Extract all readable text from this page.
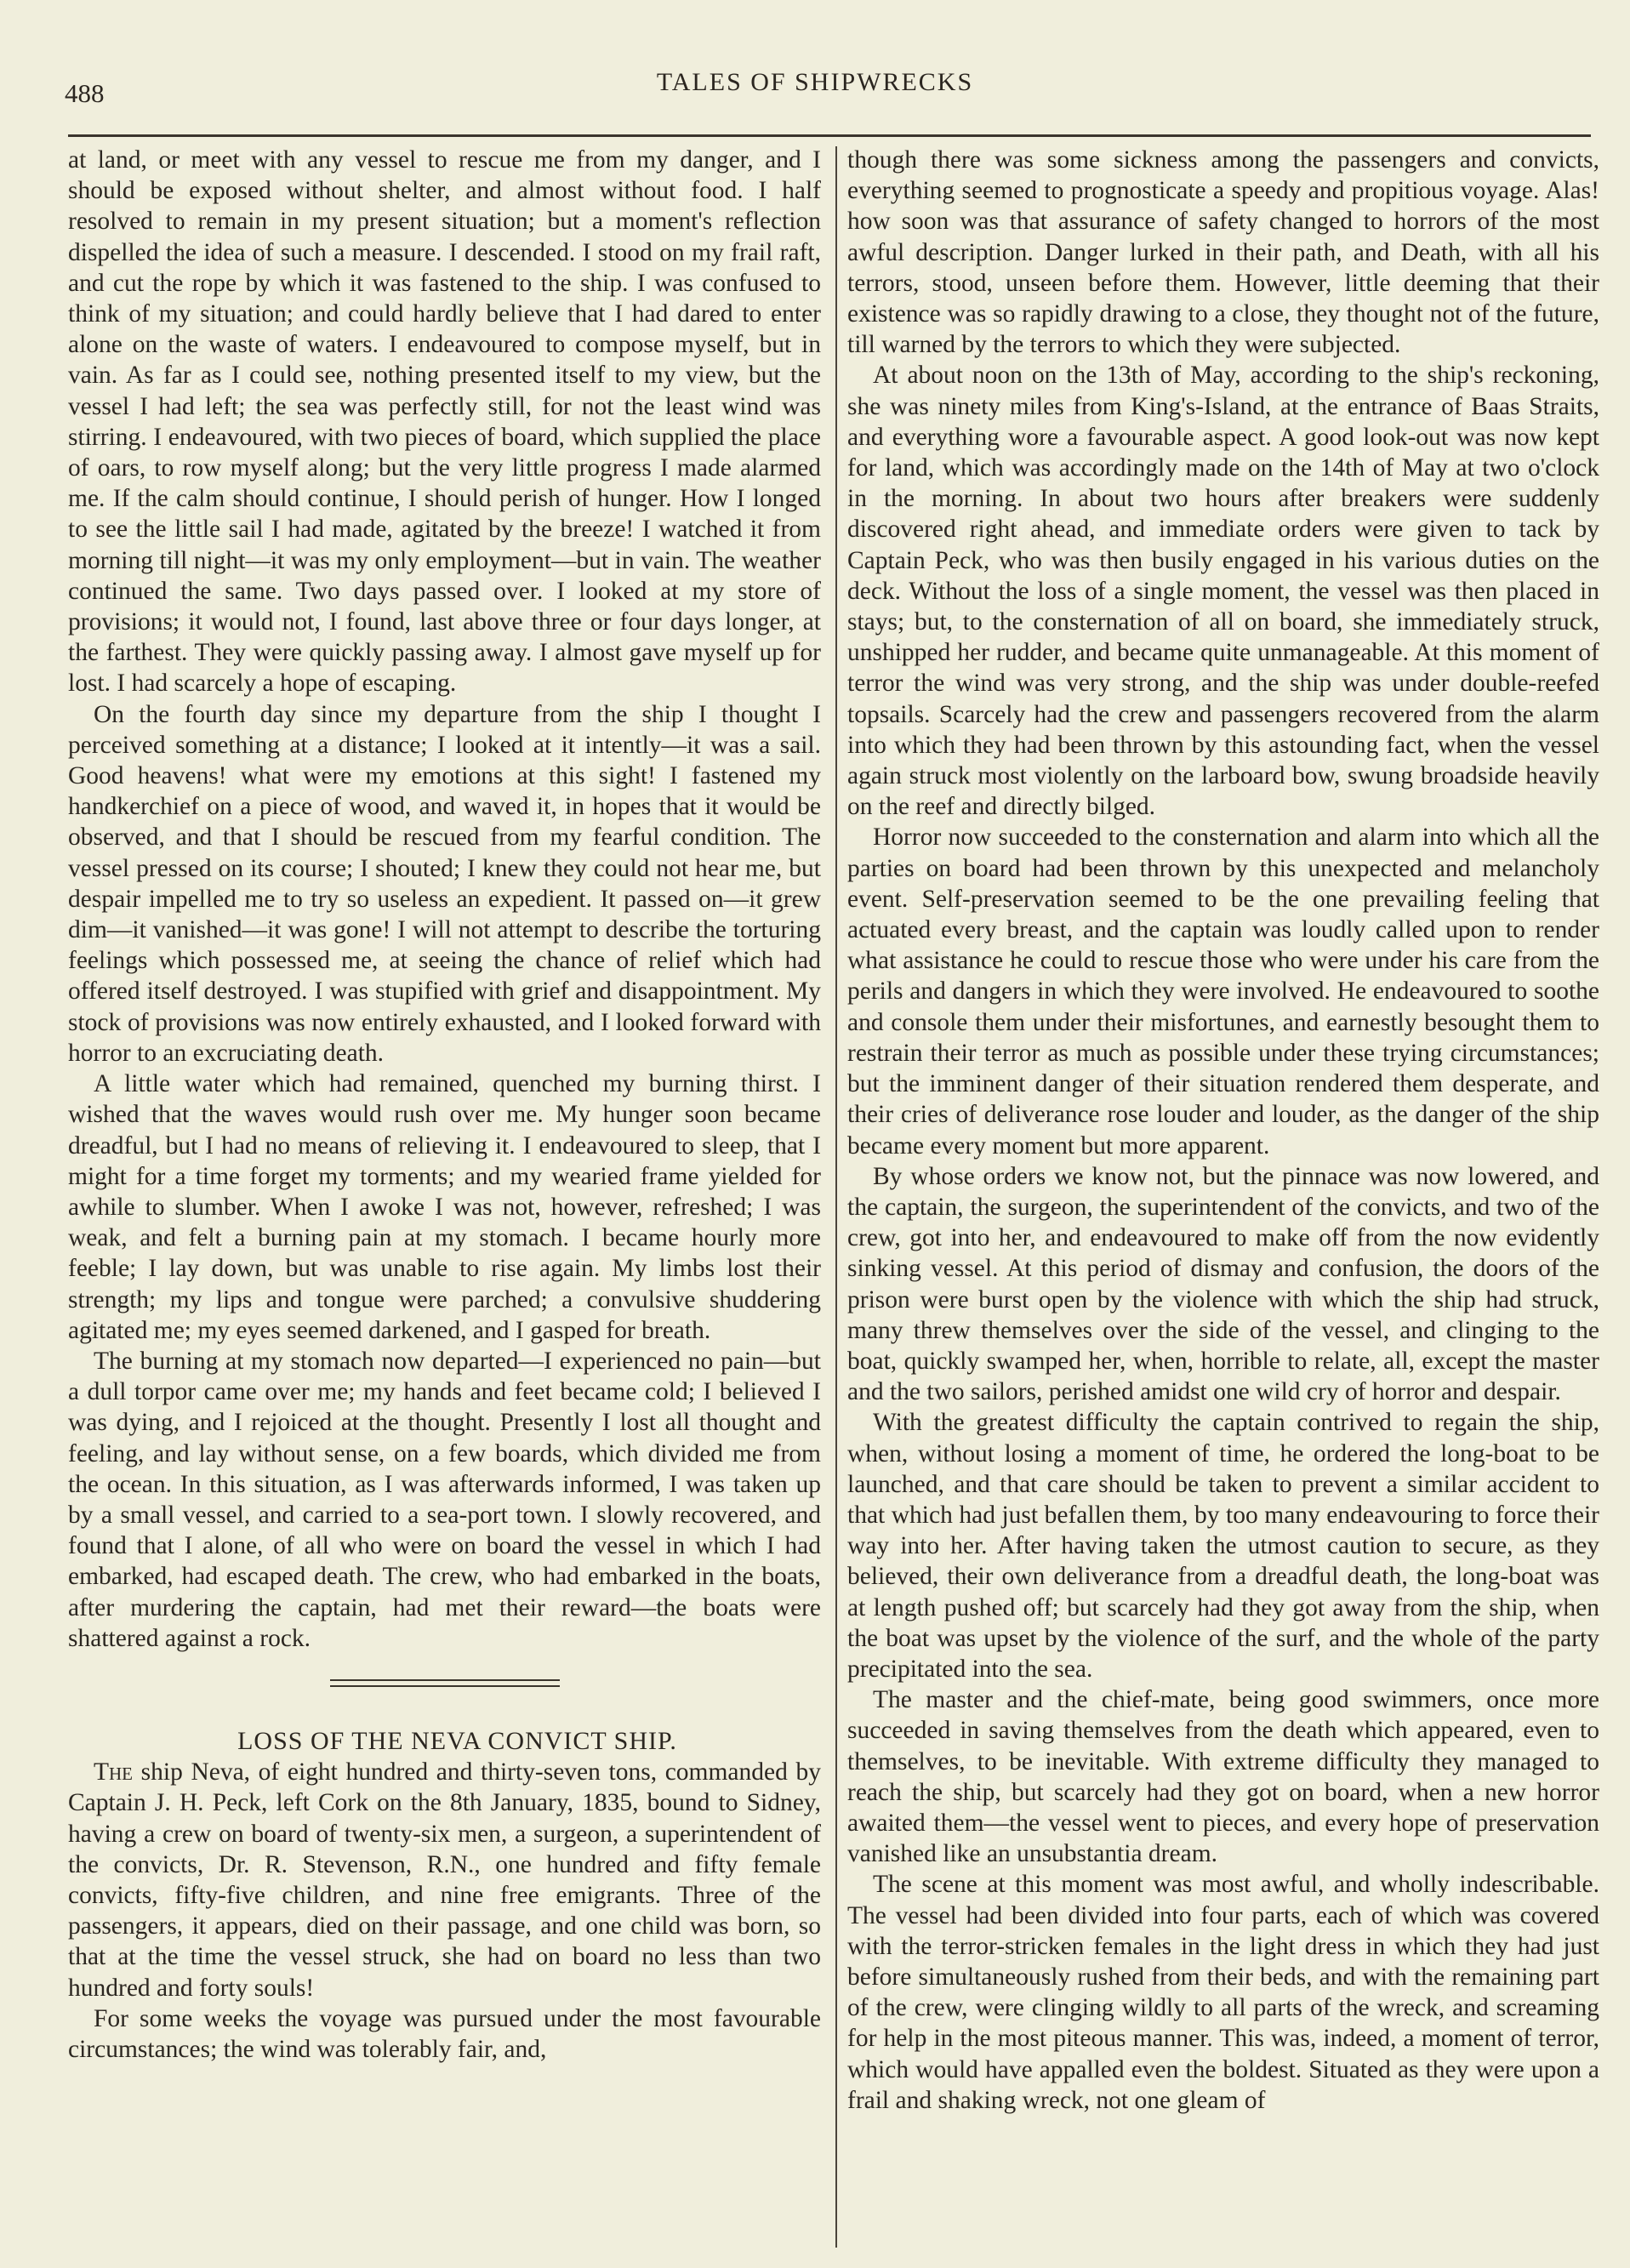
488	TALES OF SHIPWRECKS

at land, or meet with any vessel to rescue me from my danger, and I should be exposed without shelter, and almost without food. I half resolved to remain in my present situation; but a moment's reflection dispelled the idea of such a measure. I descended. I stood on my frail raft, and cut the rope by which it was fastened to the ship. I was confused to think of my situation; and could hardly believe that I had dared to enter alone on the waste of waters. I endeavoured to compose myself, but in vain. As far as I could see, nothing presented itself to my view, but the vessel I had left; the sea was perfectly still, for not the least wind was stirring. I endeavoured, with two pieces of board, which supplied the place of oars, to row myself along; but the very little progress I made alarmed me. If the calm should continue, I should perish of hunger. How I longed to see the little sail I had made, agitated by the breeze! I watched it from morning till night—it was my only employment—but in vain. The weather continued the same. Two days passed over. I looked at my store of provisions; it would not, I found, last above three or four days longer, at the farthest. They were quickly passing away. I almost gave myself up for lost. I had scarcely a hope of escaping.

On the fourth day since my departure from the ship I thought I perceived something at a distance; I looked at it intently—it was a sail. Good heavens! what were my emotions at this sight! I fastened my handkerchief on a piece of wood, and waved it, in hopes that it would be observed, and that I should be rescued from my fearful condition. The vessel pressed on its course; I shouted; I knew they could not hear me, but despair impelled me to try so useless an expedient. It passed on—it grew dim—it vanished—it was gone! I will not attempt to describe the torturing feelings which possessed me, at seeing the chance of relief which had offered itself destroyed. I was stupified with grief and disappointment. My stock of provisions was now entirely exhausted, and I looked forward with horror to an excruciating death.

A little water which had remained, quenched my burning thirst. I wished that the waves would rush over me. My hunger soon became dreadful, but I had no means of relieving it. I endeavoured to sleep, that I might for a time forget my torments; and my wearied frame yielded for awhile to slumber. When I awoke I was not, however, refreshed; I was weak, and felt a burning pain at my stomach. I became hourly more feeble; I lay down, but was unable to rise again. My limbs lost their strength; my lips and tongue were parched; a convulsive shuddering agitated me; my eyes seemed darkened, and I gasped for breath.

The burning at my stomach now departed—I experienced no pain—but a dull torpor came over me; my hands and feet became cold; I believed I was dying, and I rejoiced at the thought. Presently I lost all thought and feeling, and lay without sense, on a few boards, which divided me from the ocean. In this situation, as I was afterwards informed, I was taken up by a small vessel, and carried to a sea-port town. I slowly recovered, and found that I alone, of all who were on board the vessel in which I had embarked, had escaped death. The crew, who had embarked in the boats, after murdering the captain, had met their reward—the boats were shattered against a rock.

LOSS OF THE NEVA CONVICT SHIP.

The ship Neva, of eight hundred and thirty-seven tons, commanded by Captain J. H. Peck, left Cork on the 8th January, 1835, bound to Sidney, having a crew on board of twenty-six men, a surgeon, a superintendent of the convicts, Dr. R. Stevenson, R.N., one hundred and fifty female convicts, fifty-five children, and nine free emigrants. Three of the passengers, it appears, died on their passage, and one child was born, so that at the time the vessel struck, she had on board no less than two hundred and forty souls!

For some weeks the voyage was pursued under the most favourable circumstances; the wind was tolerably fair, and,

though there was some sickness among the passengers and convicts, everything seemed to prognosticate a speedy and propitious voyage. Alas! how soon was that assurance of safety changed to horrors of the most awful description. Danger lurked in their path, and Death, with all his terrors, stood, unseen before them. However, little deeming that their existence was so rapidly drawing to a close, they thought not of the future, till warned by the terrors to which they were subjected.

At about noon on the 13th of May, according to the ship's reckoning, she was ninety miles from King's-Island, at the entrance of Baas Straits, and everything wore a favourable aspect. A good look-out was now kept for land, which was accordingly made on the 14th of May at two o'clock in the morning. In about two hours after breakers were suddenly discovered right ahead, and immediate orders were given to tack by Captain Peck, who was then busily engaged in his various duties on the deck. Without the loss of a single moment, the vessel was then placed in stays; but, to the consternation of all on board, she immediately struck, unshipped her rudder, and became quite unmanageable. At this moment of terror the wind was very strong, and the ship was under double-reefed topsails. Scarcely had the crew and passengers recovered from the alarm into which they had been thrown by this astounding fact, when the vessel again struck most violently on the larboard bow, swung broadside heavily on the reef and directly bilged.

Horror now succeeded to the consternation and alarm into which all the parties on board had been thrown by this unexpected and melancholy event. Self-preservation seemed to be the one prevailing feeling that actuated every breast, and the captain was loudly called upon to render what assistance he could to rescue those who were under his care from the perils and dangers in which they were involved. He endeavoured to soothe and console them under their misfortunes, and earnestly besought them to restrain their terror as much as possible under these trying circumstances; but the imminent danger of their situation rendered them desperate, and their cries of deliverance rose louder and louder, as the danger of the ship became every moment but more apparent.

By whose orders we know not, but the pinnace was now lowered, and the captain, the surgeon, the superintendent of the convicts, and two of the crew, got into her, and endeavoured to make off from the now evidently sinking vessel. At this period of dismay and confusion, the doors of the prison were burst open by the violence with which the ship had struck, many threw themselves over the side of the vessel, and clinging to the boat, quickly swamped her, when, horrible to relate, all, except the master and the two sailors, perished amidst one wild cry of horror and despair.

With the greatest difficulty the captain contrived to regain the ship, when, without losing a moment of time, he ordered the long-boat to be launched, and that care should be taken to prevent a similar accident to that which had just befallen them, by too many endeavouring to force their way into her. After having taken the utmost caution to secure, as they believed, their own deliverance from a dreadful death, the long-boat was at length pushed off; but scarcely had they got away from the ship, when the boat was upset by the violence of the surf, and the whole of the party precipitated into the sea.

The master and the chief-mate, being good swimmers, once more succeeded in saving themselves from the death which appeared, even to themselves, to be inevitable. With extreme difficulty they managed to reach the ship, but scarcely had they got on board, when a new horror awaited them—the vessel went to pieces, and every hope of preservation vanished like an unsubstantia dream.

The scene at this moment was most awful, and wholly indescribable. The vessel had been divided into four parts, each of which was covered with the terror-stricken females in the light dress in which they had just before simultaneously rushed from their beds, and with the remaining part of the crew, were clinging wildly to all parts of the wreck, and screaming for help in the most piteous manner. This was, indeed, a moment of terror, which would have appalled even the boldest. Situated as they were upon a frail and shaking wreck, not one gleam of
